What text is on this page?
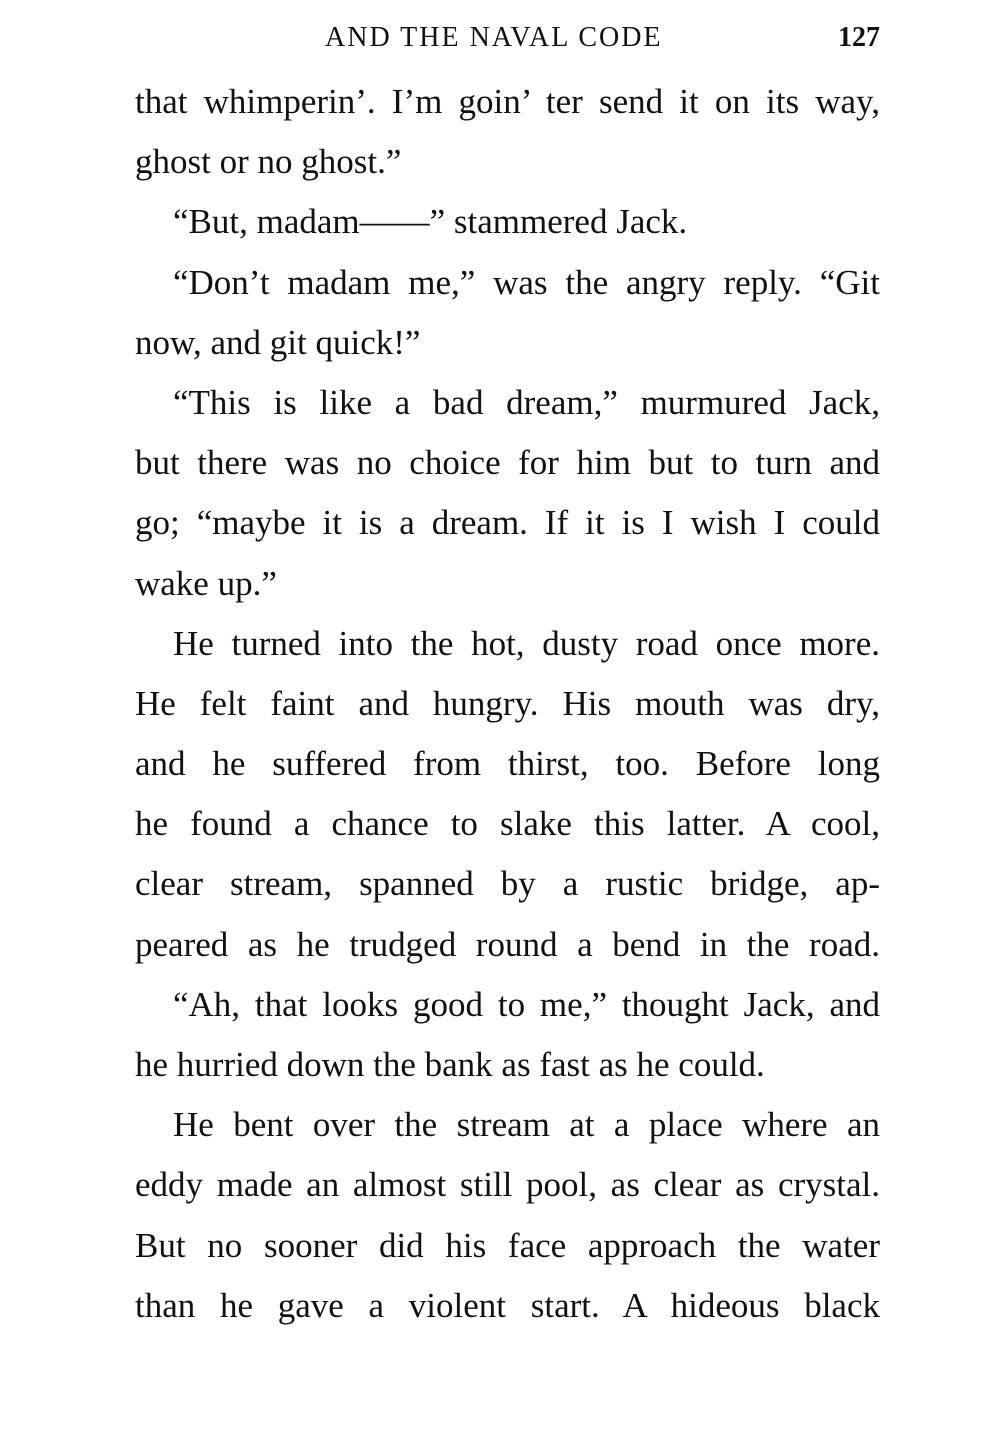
AND THE NAVAL CODE	127
that whimperin’. I’m goin’ ter send it on its way,
ghost or no ghost.”
“But, madam——” stammered Jack.
“Don’t madam me,” was the angry reply. “Git
now, and git quick!”
“This is like a bad dream,” murmured Jack,
but there was no choice for him but to turn and
go; “maybe it is a dream. If it is I wish I could
wake up.”
He turned into the hot, dusty road once more.
He felt faint and hungry. His mouth was dry,
and he suffered from thirst, too. Before long
he found a chance to slake this latter. A cool,
clear stream, spanned by a rustic bridge, ap-
peared as he trudged round a bend in the road.
“Ah, that looks good to me,” thought Jack, and
he hurried down the bank as fast as he could.
He bent over the stream at a place where an
eddy made an almost still pool, as clear as crystal.
But no sooner did his face approach the water
than he gave a violent start. A hideous black
